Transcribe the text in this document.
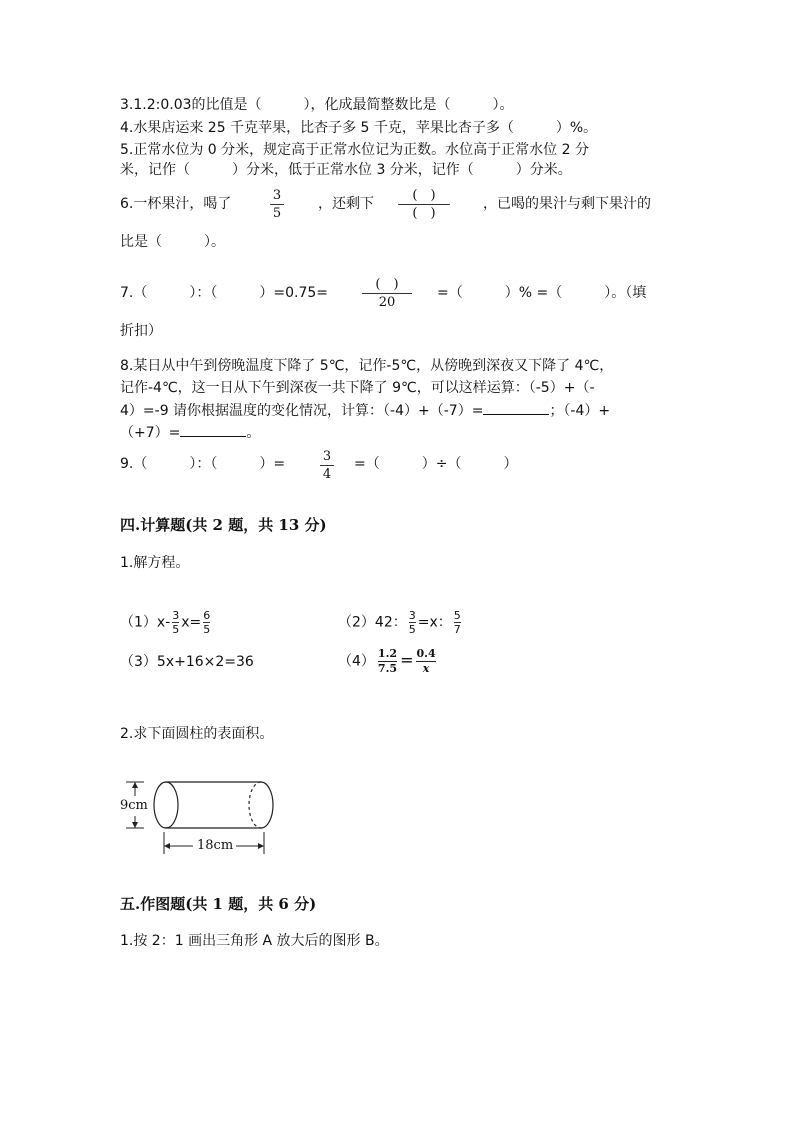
3.1.2:0.03的比值是（　　　），化成最简整数比是（　　　）。
4.水果店运来 25 千克苹果，比杏子多 5 千克，苹果比杏子多（　　　）%。
5.正常水位为 0 分米，规定高于正常水位记为正数。水位高于正常水位 2 分
米，记作（　　　）分米，低于正常水位 3 分米，记作（　　　）分米。
6.一杯果汁，喝了
3
5
，还剩下
(　)
(　)
，已喝的果汁与剩下果汁的
比是（　　　）。
7.（　　　）：（　　　）=0.75=
(　)
20
=（　　　）% =（　　　）。（填
折扣）
8.某日从中午到傍晚温度下降了 5℃，记作-5℃，从傍晚到深夜又下降了 4℃，
记作-4℃，这一日从下午到深夜一共下降了 9℃，可以这样运算：（-5）+（-
4）=-9 请你根据温度的变化情况，计算：（-4）+（-7）=	；（-4）+
（+7）=	。
9.（　　　）：（　　　）=	3
4
=（　　　）÷（　　　）
四.计算题(共 2 题，共 13 分)
1.解方程。
$(1)x- \frac{3}{5} x= \frac{6}{5}$	（2）42： $\frac{3}{5} =x$： $\frac{5}{7}$
（3）5x+16×2=36	$(4) \frac{1.2}{7.5} = \frac{0.4}{x}$
2.求下面圆柱的表面积。
9cm
18cm
五.作图题(共 1 题，共 6 分)
1.按 2：1 画出三角形 A 放大后的图形 B。
